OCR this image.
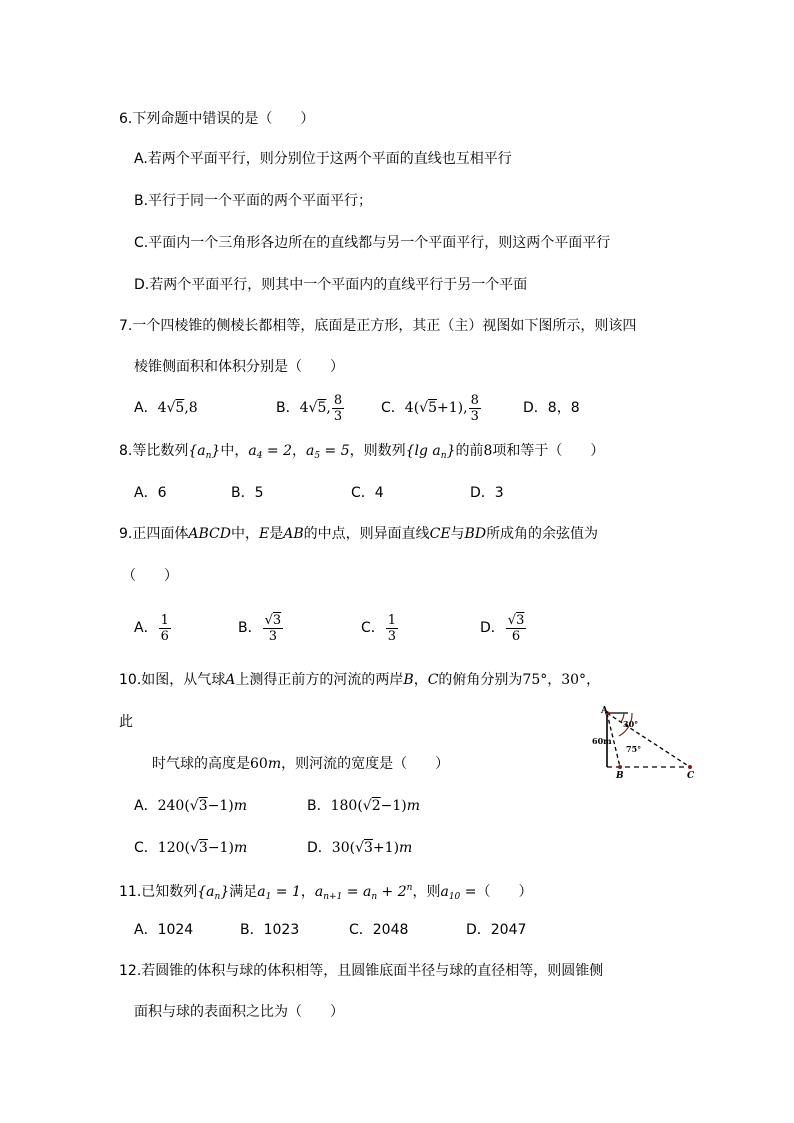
6.下列命题中错误的是（　　）
A.若两个平面平行，则分别位于这两个平面的直线也互相平行
B.平行于同一个平面的两个平面平行；
C.平面内一个三角形各边所在的直线都与另一个平面平行，则这两个平面平行
D.若两个平面平行，则其中一个平面内的直线平行于另一个平面
7.一个四棱锥的侧棱长都相等，底面是正方形，其正（主）视图如下图所示，则该四
棱锥侧面积和体积分别是（　　）
A．4√5,8	B．4√5, $\frac{8}{3}$	C．4(√5+1), $\frac{8}{3}$	D．8，8
8.等比数列$\{a_n\}$中，$a_4 = 2$，$a_5 = 5$，则数列{lg $a_n$}的前8项和等于（　　）
A．6	B．5	C．4	D．3
9.正四面体ABCD中，E是AB的中点，则异面直线CE与BD所成角的余弦值为
（　　）
A． $\frac{1}{6}$	B． $\frac{√3}{3}$	C． $\frac{1}{3}$	D． $\frac{√3}{6}$
10.如图，从气球A上测得正前方的河流的两岸B，C的俯角分别为75°，30°，
此
时气球的高度是60m，则河流的宽度是（　　）
A
B	C
60m
30°
75°
A．240(√3−1)m	B．180(√2−1)m
C．120(√3−1)m	D．30(√3+1)m
11.已知数列$\{a_n\}$满足$a_1 = 1$，$a_{n+1} = a_n + 2^n$，则$a_{10}$ =（　　）
A．1024	B．1023	C．2048	D．2047
12.若圆锥的体积与球的体积相等，且圆锥底面半径与球的直径相等，则圆锥侧
面积与球的表面积之比为（　　）
